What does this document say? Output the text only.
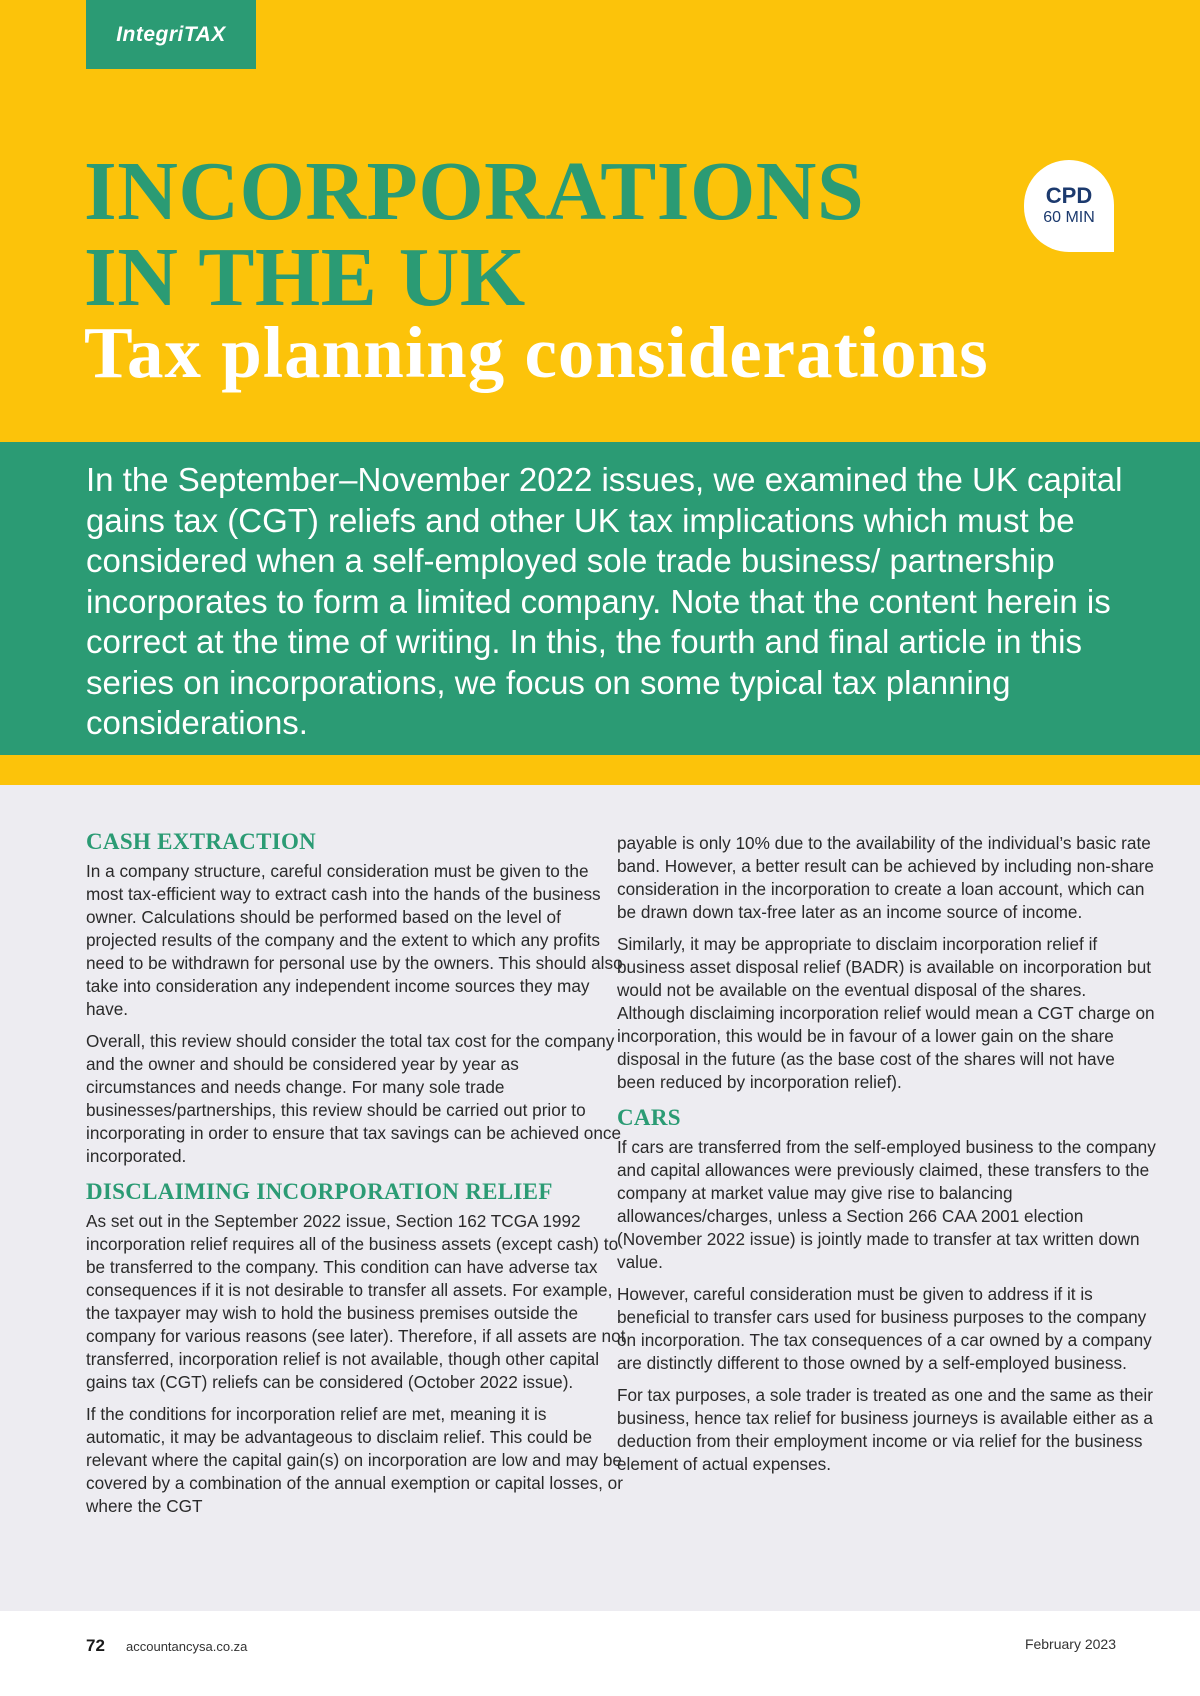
IntegriTAX
INCORPORATIONS
IN THE UK
Tax planning considerations
CPD
60 MIN

In the September–November 2022 issues, we examined the UK capital gains tax (CGT) reliefs and other UK tax implications which must be considered when a self-employed sole trade business/ partnership incorporates to form a limited company. Note that the content herein is correct at the time of writing. In this, the fourth and final article in this series on incorporations, we focus on some typical tax planning considerations.

CASH EXTRACTION

In a company structure, careful consideration must be given to the most tax-efficient way to extract cash into the hands of the business owner. Calculations should be performed based on the level of projected results of the company and the extent to which any profits need to be withdrawn for personal use by the owners. This should also take into consideration any independent income sources they may have.

Overall, this review should consider the total tax cost for the company and the owner and should be considered year by year as circumstances and needs change. For many sole trade businesses/partnerships, this review should be carried out prior to incorporating in order to ensure that tax savings can be achieved once incorporated.

DISCLAIMING INCORPORATION RELIEF

As set out in the September 2022 issue, Section 162 TCGA 1992 incorporation relief requires all of the business assets (except cash) to be transferred to the company. This condition can have adverse tax consequences if it is not desirable to transfer all assets. For example, the taxpayer may wish to hold the business premises outside the company for various reasons (see later). Therefore, if all assets are not transferred, incorporation relief is not available, though other capital gains tax (CGT) reliefs can be considered (October 2022 issue).

If the conditions for incorporation relief are met, meaning it is automatic, it may be advantageous to disclaim relief. This could be relevant where the capital gain(s) on incorporation are low and may be covered by a combination of the annual exemption or capital losses, or where the CGT

payable is only 10% due to the availability of the individual’s basic rate band. However, a better result can be achieved by including non-share consideration in the incorporation to create a loan account, which can be drawn down tax-free later as an income source of income.

Similarly, it may be appropriate to disclaim incorporation relief if business asset disposal relief (BADR) is available on incorporation but would not be available on the eventual disposal of the shares. Although disclaiming incorporation relief would mean a CGT charge on incorporation, this would be in favour of a lower gain on the share disposal in the future (as the base cost of the shares will not have been reduced by incorporation relief).

CARS

If cars are transferred from the self-employed business to the company and capital allowances were previously claimed, these transfers to the company at market value may give rise to balancing allowances/charges, unless a Section 266 CAA 2001 election (November 2022 issue) is jointly made to transfer at tax written down value.

However, careful consideration must be given to address if it is beneficial to transfer cars used for business purposes to the company on incorporation. The tax consequences of a car owned by a company are distinctly different to those owned by a self-employed business.

For tax purposes, a sole trader is treated as one and the same as their business, hence tax relief for business journeys is available either as a deduction from their employment income or via relief for the business element of actual expenses.

72 accountancysa.co.za	February 2023
